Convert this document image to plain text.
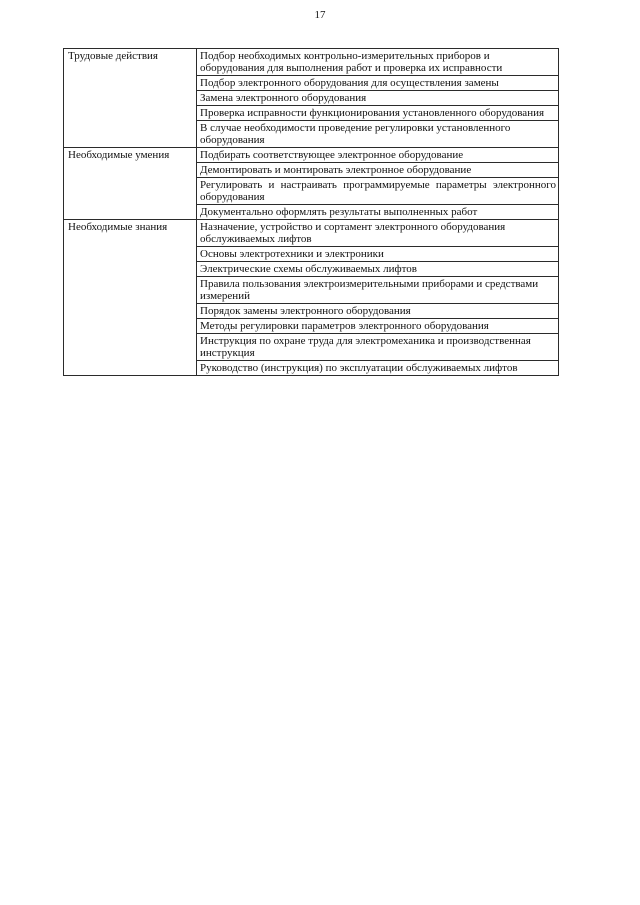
17
Трудовые действия	Подбор необходимых контрольно-измерительных приборов и оборудования для выполнения работ и проверка их исправности
	Подбор электронного оборудования для осуществления замены
	Замена электронного оборудования
	Проверка исправности функционирования установленного оборудования
	В случае необходимости проведение регулировки установленного оборудования
Необходимые умения	Подбирать соответствующее электронное оборудование
	Демонтировать и монтировать электронное оборудование
	Регулировать и настраивать программируемые параметры электронного оборудования
	Документально оформлять результаты выполненных работ
Необходимые знания	Назначение, устройство и сортамент электронного оборудования обслуживаемых лифтов
	Основы электротехники и электроники
	Электрические схемы обслуживаемых лифтов
	Правила пользования электроизмерительными приборами и средствами измерений
	Порядок замены электронного оборудования
	Методы регулировки параметров электронного оборудования
	Инструкция по охране труда для электромеханика и производственная инструкция
	Руководство (инструкция) по эксплуатации обслуживаемых лифтов
